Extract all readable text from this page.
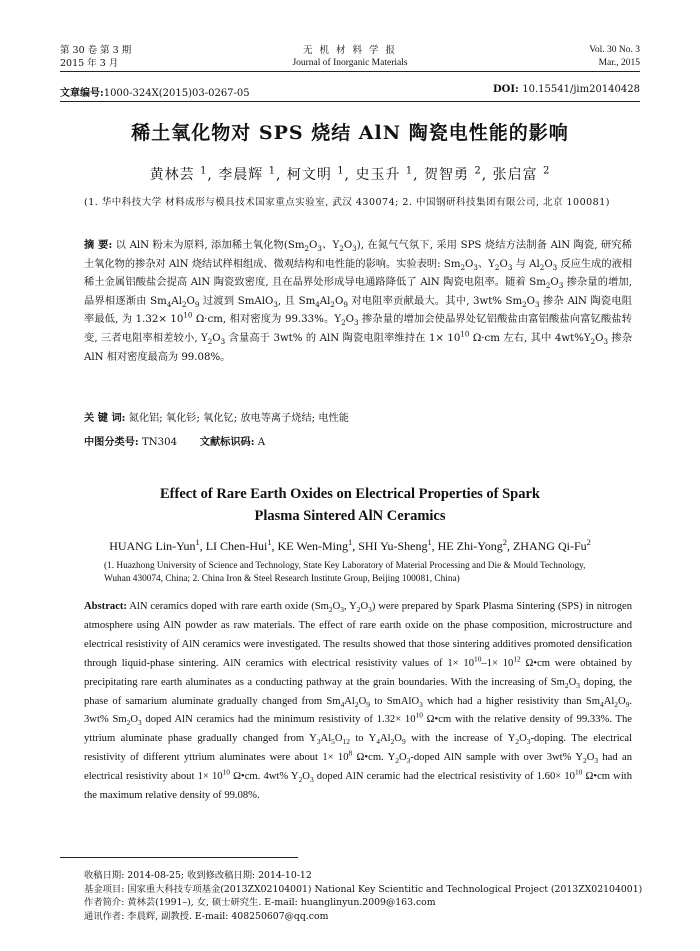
第 30 卷 第 3 期
2015 年 3 月
无 机 材 料 学 报
Journal of Inorganic Materials
Vol. 30 No. 3
Mar., 2015
文章编号:1000-324X(2015)03-0267-05	DOI: 10.15541/jim20140428
稀土氧化物对 SPS 烧结 AlN 陶瓷电性能的影响
黄林芸 $^1$, 李晨辉 $^1$, 柯文明 $^1$, 史玉升 $^1$, 贺智勇 $^2$, 张启富 $^2$
(1. 华中科技大学 材料成形与模具技术国家重点实验室, 武汉 430074; 2. 中国钢研科技集团有限公司, 北京 100081)
摘 要: 以 AlN 粉末为原料, 添加稀土氧化物($Sm_2O_3$、$Y_2O_3$), 在氮气气氛下, 采用 SPS 烧结方法制备 AlN 陶瓷, 研究稀土氧化物的掺杂对 AlN 烧结试样相组成、微观结构和电性能的影响。实验表明: $Sm_2O_3$、$Y_2O_3$ 与 $Al_2O_3$ 反应生成的液相稀土金属铝酸盐会提高 AlN 陶瓷致密度, 且在晶界处形成导电通路降低了 AlN 陶瓷电阻率。随着 $Sm_2O_3$ 掺杂量的增加, 晶界相逐渐由 $Sm_4Al_2O_9$ 过渡到 SmAlO$_3$, 且 $Sm_4Al_2O_9$ 对电阻率贡献最大。其中, 3wt% $Sm_2O_3$ 掺杂 AlN 陶瓷电阻率最低, 为 $1.32\times 10^{10}$ Ω·cm, 相对密度为 99.33%。$Y_2O_3$ 掺杂量的增加会使晶界处钇铝酸盐由富铝酸盐向富钇酸盐转变, 三者电阻率相差较小, $Y_2O_3$ 含量高于 3wt% 的 AlN 陶瓷电阻率维持在 $1\times 10^{10}$ Ω·cm 左右, 其中 $4wt\%Y_2O_3$ 掺杂 AlN 相对密度最高为 99.08%。
关 键 词: 氮化铝; 氧化钐; 氧化钇; 放电等离子烧结; 电性能
中图分类号: TN304 文献标识码: A
Effect of Rare Earth Oxides on Electrical Properties of Spark
Plasma Sintered AlN Ceramics
HUANG Lin-Yun$^1$, LI Chen-Hui$^1$, KE Wen-Ming$^1$, SHI Yu-Sheng$^1$, HE Zhi-Yong$^2$, ZHANG Qi-Fu$^2$
(1. Huazhong University of Science and Technology, State Key Laboratory of Material Processing and Die & Mould Technology, Wuhan 430074, China; 2. China Iron & Steel Research Institute Group, Beijing 100081, China)
Abstract: AlN ceramics doped with rare earth oxide ($Sm_2O_3$, $Y_2O_3$) were prepared by Spark Plasma Sintering (SPS) in nitrogen atmosphere using AlN powder as raw materials. The effect of rare earth oxide on the phase composition, microstructure and electrical resistivity of AlN ceramics were investigated. The results showed that those sintering additives promoted densification through liquid-phase sintering. AlN ceramics with electrical resistivity values of $1\times 10^{10}-1\times 10^{12}$ Ω•cm were obtained by precipitating rare earth aluminates as a conducting pathway at the grain boundaries. With the increasing of $Sm_2O_3$ doping, the phase of samarium aluminate gradually changed from $Sm_4Al_2O_9$ to SmAlO$_3$ which had a higher resistivity than $Sm_4Al_2O_9$. 3wt% $Sm_2O_3$ doped AlN ceramics had the minimum resistivity of $1.32\times 10^{10}$ Ω•cm with the relative density of 99.33%. The yttrium aluminate phase gradually changed from $Y_3Al_5O_{12}$ to $Y_4Al_2O_9$ with the increase of $Y_2O_3$-doping. The electrical resistivity of different yttrium aluminates were about $1\times 10^8$ Ω•cm. $Y_2O_3$-doped AlN sample with over 3wt% $Y_2O_3$ had an electrical resistivity about $1\times 10^{10}$ Ω•cm. 4wt% $Y_2O_3$ doped AlN ceramic had the electrical resistivity of $1.60\times 10^{10}$ Ω•cm with the maximum relative density of 99.08%.
收稿日期: 2014-08-25; 收到修改稿日期: 2014-10-12
基金项目: 国家重大科技专项基金(2013ZX02104001) National Key Scientitic and Technological Project (2013ZX02104001)
作者简介: 黄林芸(1991–), 女, 硕士研究生. E-mail: huanglinyun.2009@163.com
通讯作者: 李晨辉, 副教授. E-mail: 408250607@qq.com
